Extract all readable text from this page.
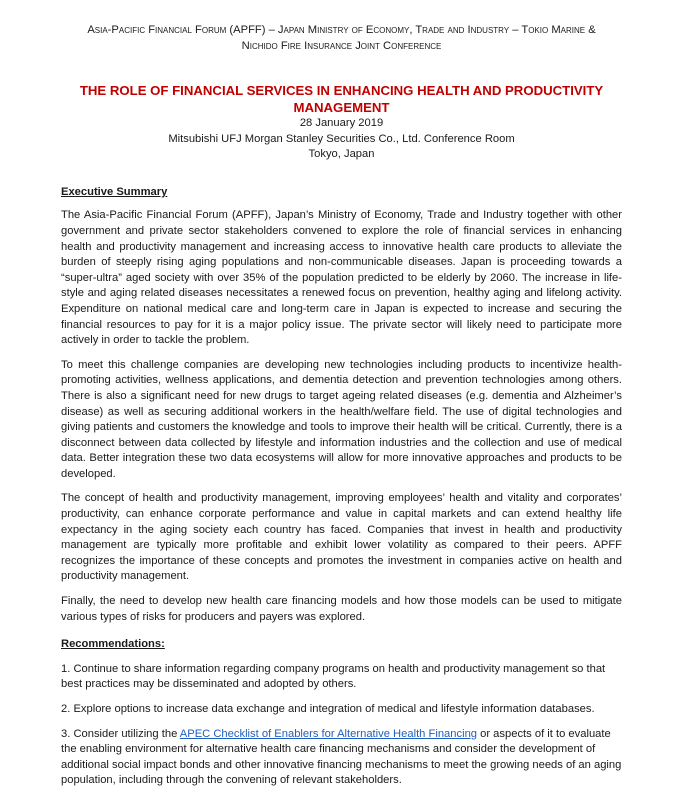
Asia-Pacific Financial Forum (APFF) – Japan Ministry of Economy, Trade and Industry – Tokio Marine &
Nichido Fire Insurance Joint Conference
THE ROLE OF FINANCIAL SERVICES IN ENHANCING HEALTH AND PRODUCTIVITY
MANAGEMENT

28 January 2019

Mitsubishi UFJ Morgan Stanley Securities Co., Ltd. Conference Room

Tokyo, Japan

Executive Summary

The Asia-Pacific Financial Forum (APFF), Japan’s Ministry of Economy, Trade and Industry together with other government and private sector stakeholders convened to explore the role of financial services in enhancing health and productivity management and increasing access to innovative health care products to alleviate the burden of steeply rising aging populations and non-communicable diseases. Japan is proceeding towards a “super-ultra” aged society with over 35% of the population predicted to be elderly by 2060. The increase in life-style and aging related diseases necessitates a renewed focus on prevention, healthy aging and lifelong activity. Expenditure on national medical care and long-term care in Japan is expected to increase and securing the financial resources to pay for it is a major policy issue. The private sector will likely need to participate more actively in order to tackle the problem.

To meet this challenge companies are developing new technologies including products to incentivize health-promoting activities, wellness applications, and dementia detection and prevention technologies among others. There is also a significant need for new drugs to target ageing related diseases (e.g. dementia and Alzheimer’s disease) as well as securing additional workers in the health/welfare field. The use of digital technologies and giving patients and customers the knowledge and tools to improve their health will be critical. Currently, there is a disconnect between data collected by lifestyle and information industries and the collection and use of medical data. Better integration these two data ecosystems will allow for more innovative approaches and products to be developed.

The concept of health and productivity management, improving employees’ health and vitality and corporates’ productivity, can enhance corporate performance and value in capital markets and can extend healthy life expectancy in the aging society each country has faced. Companies that invest in health and productivity management are typically more profitable and exhibit lower volatility as compared to their peers. APFF recognizes the importance of these concepts and promotes the investment in companies active on health and productivity management.

Finally, the need to develop new health care financing models and how those models can be used to mitigate various types of risks for producers and payers was explored.

Recommendations:

1. Continue to share information regarding company programs on health and productivity management so that best practices may be disseminated and adopted by others.

2. Explore options to increase data exchange and integration of medical and lifestyle information databases.

3. Consider utilizing the APEC Checklist of Enablers for Alternative Health Financing or aspects of it to evaluate the enabling environment for alternative health care financing mechanisms and consider the development of additional social impact bonds and other innovative financing mechanisms to meet the growing needs of an aging population, including through the convening of relevant stakeholders.
